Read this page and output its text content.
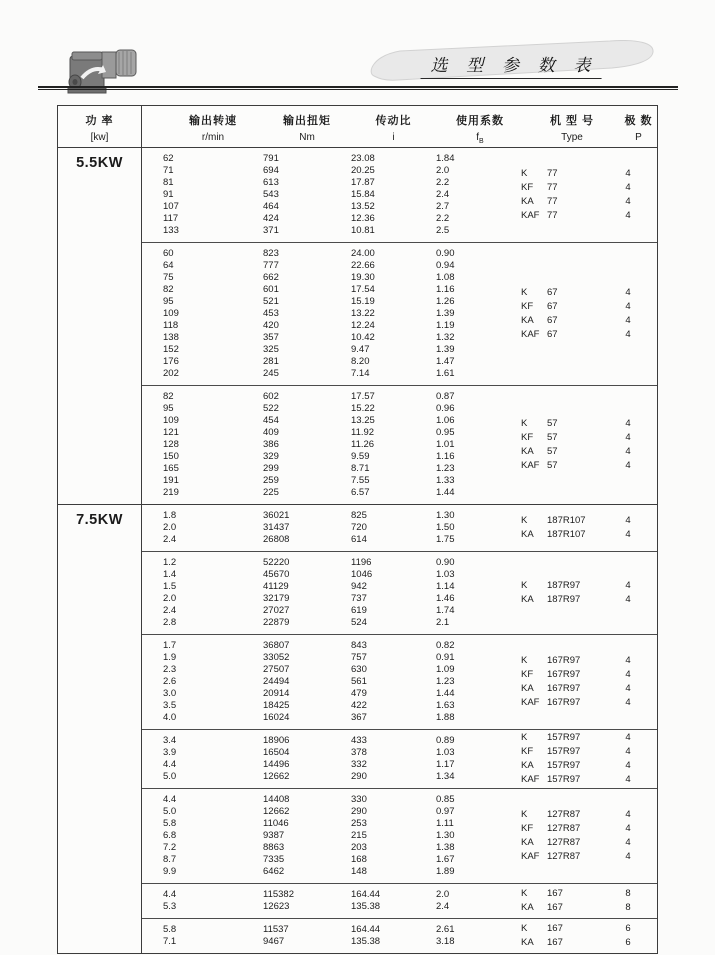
选 型 参 数 表
功 率
[kw]
输出转速
r/min
输出扭矩
Nm
传动比
i
使用系数
$f_B$
机 型 号
Type
极 数
P
5.5KW	62	791	23.08	1.84
71	694	20.25	2.0
81	613	17.87	2.2
91	543	15.84	2.4
107	464	13.52	2.7
117	424	12.36	2.2
133	371	10.81	2.5
K	77	4
KF	77	4
KA	77	4
KAF 77	4
60	823	24.00	0.90
64	777	22.66	0.94
75	662	19.30	1.08
82	601	17.54	1.16
95	521	15.19	1.26
109	453	13.22	1.39
118	420	12.24	1.19
138	357	10.42	1.32
152	325	9.47	1.39
176	281	8.20	1.47
202	245	7.14	1.61
K	67	4
KF	67	4
KA	67	4
KAF 67	4
82	602	17.57	0.87
95	522	15.22	0.96
109	454	13.25	1.06
121	409	11.92	0.95
128	386	11.26	1.01
150	329	9.59	1.16
165	299	8.71	1.23
191	259	7.55	1.33
219	225	6.57	1.44
K	57	4
KF	57	4
KA	57	4
KAF 57	4
7.5KW	1.8	36021	825	1.30
2.0	31437	720	1.50
2.4	26808	614	1.75
K	187R107	4
KA	187R107	4
1.2	52220	1196	0.90
1.4	45670	1046	1.03
1.5	41129	942	1.14
2.0	32179	737	1.46
2.4	27027	619	1.74
2.8	22879	524	2.1
K	187R97	4
KA	187R97	4
1.7	36807	843	0.82
1.9	33052	757	0.91
2.3	27507	630	1.09
2.6	24494	561	1.23
3.0	20914	479	1.44
3.5	18425	422	1.63
4.0	16024	367	1.88
K	167R97	4
KF	167R97	4
KA	167R97	4
KAF 167R97	4
3.4	18906	433	0.89
3.9	16504	378	1.03
4.4	14496	332	1.17
5.0	12662	290	1.34
K	157R97	4
KF	157R97	4
KA	157R97	4
KAF 157R97	4
4.4	14408	330	0.85
5.0	12662	290	0.97
5.8	11046	253	1.11
6.8	9387	215	1.30
7.2	8863	203	1.38
8.7	7335	168	1.67
9.9	6462	148	1.89
K	127R87	4
KF	127R87	4
KA	127R87	4
KAF 127R87	4
4.4	115382	164.44	2.0
5.3	12623	135.38	2.4
K	167	8
KA	167	8
5.8	11537	164.44	2.61
7.1	9467	135.38	3.18
K	167	6
KA	167	6
